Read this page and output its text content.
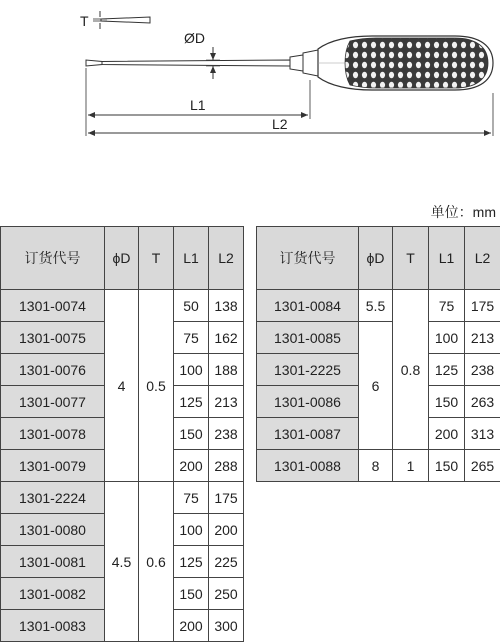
T
ØD
L1
L2
单位：mm
订货代号	ϕD	T	L1	L2
1301-0074	4	0.5	50	138
1301-0075			75	162
1301-0076			100	188
1301-0077			125	213
1301-0078			150	238
1301-0079			200	288
1301-2224	4.5	0.6	75	175
1301-0080			100	200
1301-0081			125	225
1301-0082			150	250
1301-0083			200	300
订货代号	ϕD	T	L1	L2
1301-0084	5.5	0.8	75	175
1301-0085	6		100	213
1301-2225			125	238
1301-0086			150	263
1301-0087			200	313
1301-0088	8	1	150	265
